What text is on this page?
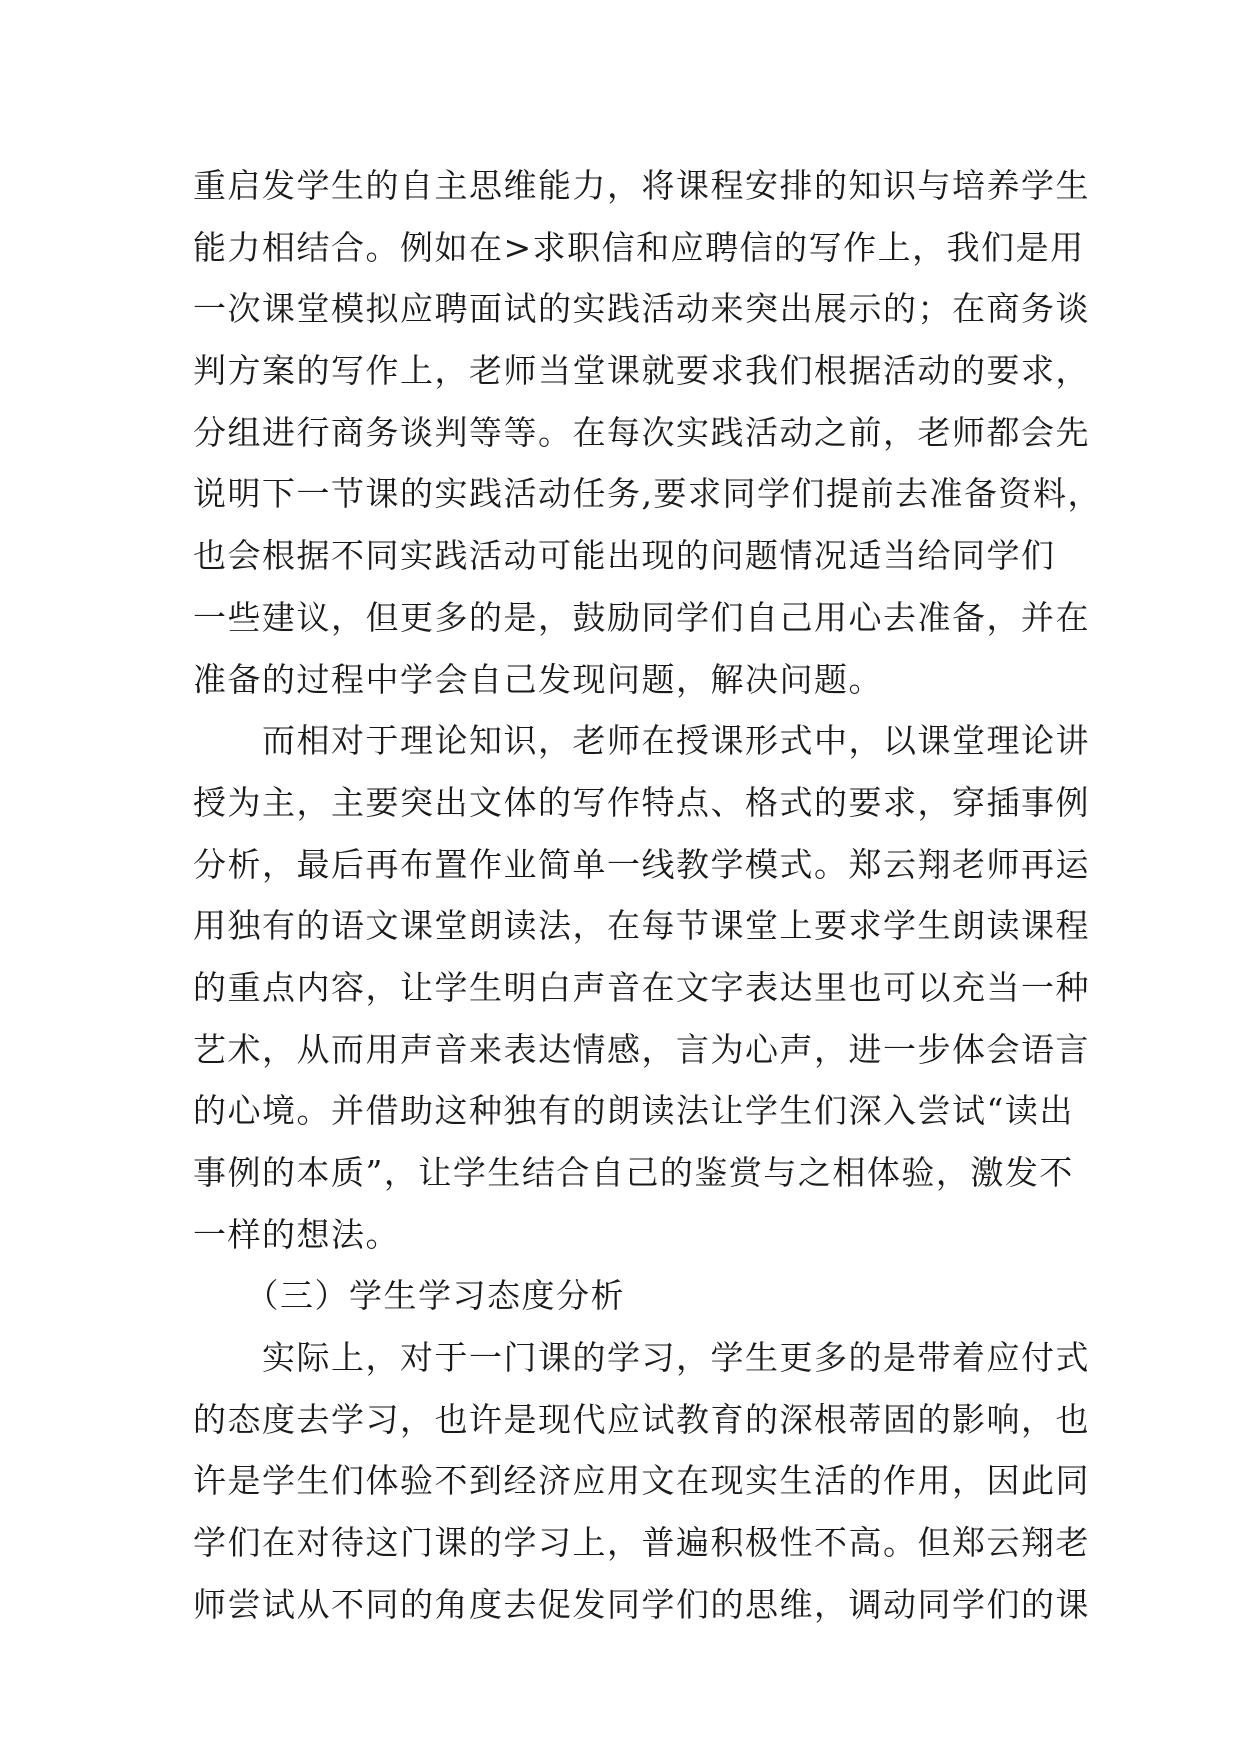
重启发学生的自主思维能力，将课程安排的知识与培养学生
能力相结合。例如在>求职信和应聘信的写作上，我们是用
一次课堂模拟应聘面试的实践活动来突出展示的；在商务谈
判方案的写作上，老师当堂课就要求我们根据活动的要求，
分组进行商务谈判等等。在每次实践活动之前，老师都会先
说明下一节课的实践活动任务,要求同学们提前去准备资料，
也会根据不同实践活动可能出现的问题情况适当给同学们
一些建议，但更多的是，鼓励同学们自己用心去准备，并在
准备的过程中学会自己发现问题，解决问题。
　　而相对于理论知识，老师在授课形式中，以课堂理论讲
授为主，主要突出文体的写作特点、格式的要求，穿插事例
分析，最后再布置作业简单一线教学模式。郑云翔老师再运
用独有的语文课堂朗读法，在每节课堂上要求学生朗读课程
的重点内容，让学生明白声音在文字表达里也可以充当一种
艺术，从而用声音来表达情感，言为心声，进一步体会语言
的心境。并借助这种独有的朗读法让学生们深入尝试“读出
事例的本质”，让学生结合自己的鉴赏与之相体验，激发不
一样的想法。
　　（三）学生学习态度分析
　　实际上，对于一门课的学习，学生更多的是带着应付式
的态度去学习，也许是现代应试教育的深根蒂固的影响，也
许是学生们体验不到经济应用文在现实生活的作用，因此同
学们在对待这门课的学习上，普遍积极性不高。但郑云翔老
师尝试从不同的角度去促发同学们的思维，调动同学们的课
